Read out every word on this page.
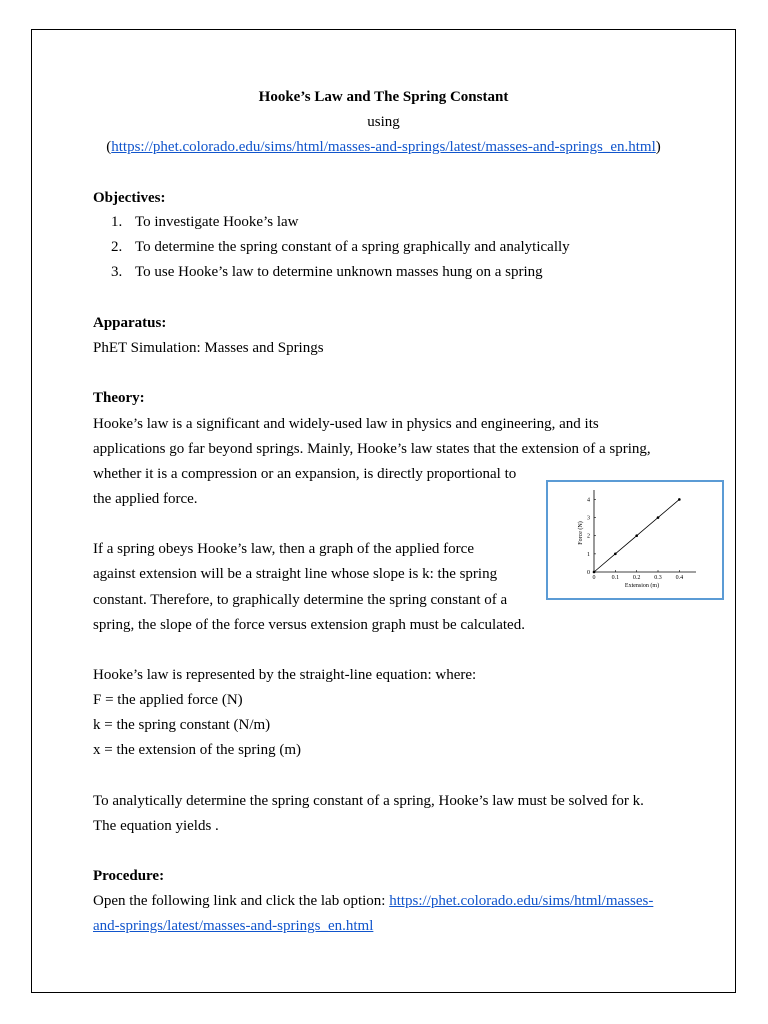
Hooke’s Law and The Spring Constant
using
(https://phet.colorado.edu/sims/html/masses-and-springs/latest/masses-and-springs_en.html)
Objectives:
1. To investigate Hooke’s law
2. To determine the spring constant of a spring graphically and analytically
3. To use Hooke’s law to determine unknown masses hung on a spring
Apparatus:
PhET Simulation: Masses and Springs
Theory:
Hooke’s law is a significant and widely-used law in physics and engineering, and its
applications go far beyond springs. Mainly, Hooke’s law states that the extension of a spring,
whether it is a compression or an expansion, is directly proportional to
the applied force.
If a spring obeys Hooke’s law, then a graph of the applied force
against extension will be a straight line whose slope is k: the spring
constant. Therefore, to graphically determine the spring constant of a
spring, the slope of the force versus extension graph must be calculated.
Hooke’s law is represented by the straight-line equation: where:
F = the applied force (N)
k = the spring constant (N/m)
x = the extension of the spring (m)
To analytically determine the spring constant of a spring, Hooke’s law must be solved for k.
The equation yields .
Procedure:
Open the following link and click the lab option: https://phet.colorado.edu/sims/html/masses-
and-springs/latest/masses-and-springs_en.html
0	0.1 0.2 0.3 0.4
0
1
2
3
4
Extension (m)
Force (N)
